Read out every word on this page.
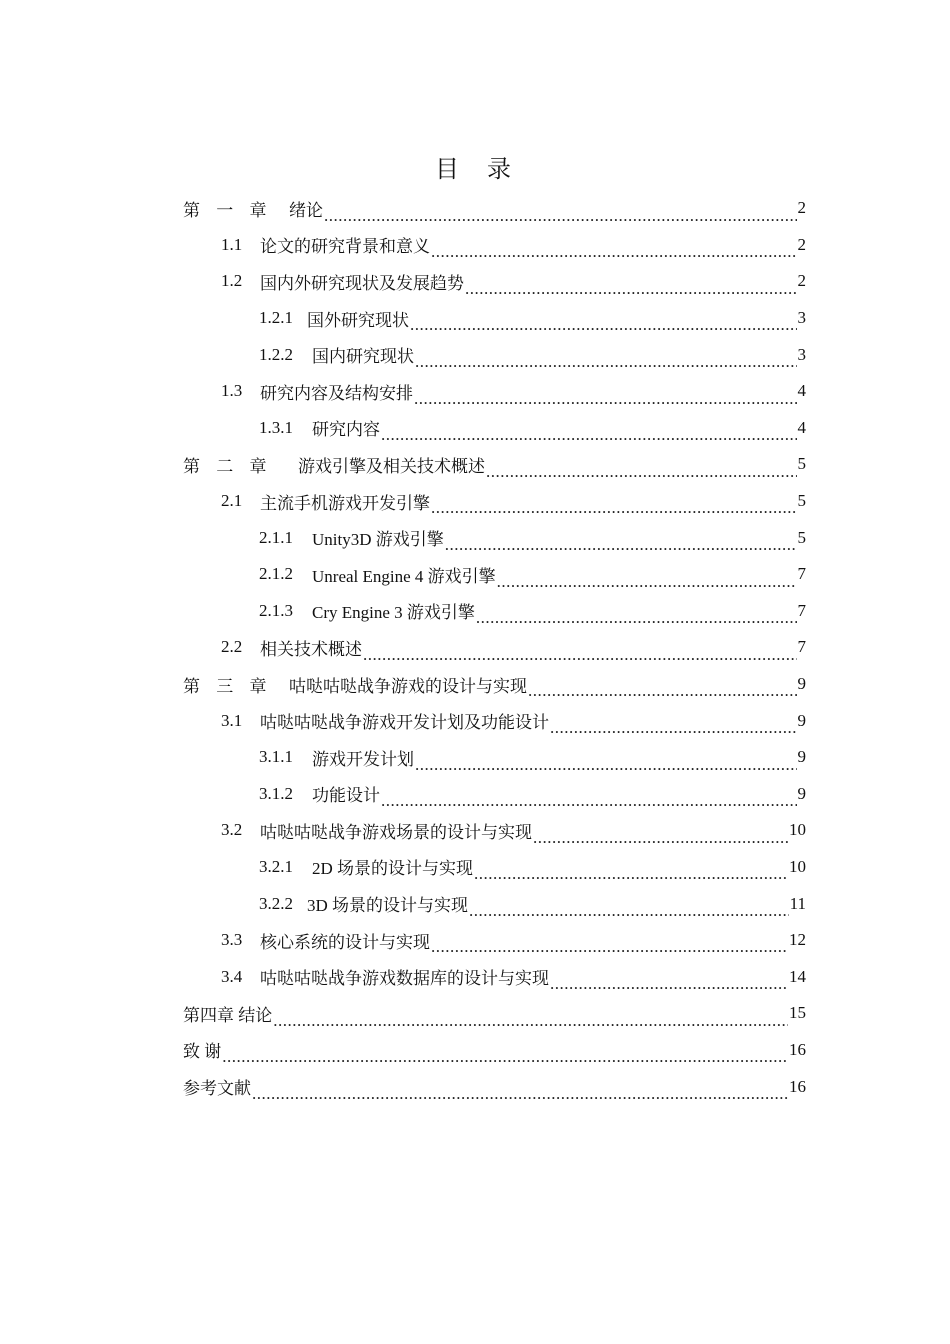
目 录
第 一 章 绪论 .....	2
1.1	论文的研究背景和意义 .....	2
1.2	国内外研究现状及发展趋势 .....	2
1.2.1 国外研究现状 .....	3
1.2.2	国内研究现状 .....	3
1.3	研究内容及结构安排 .....	4
1.3.1	研究内容 .....	4
第 二 章	游戏引擎及相关技术概述 .....	5
2.1	主流手机游戏开发引擎 .....	5
2.1.1	Unity3D 游戏引擎 .....	5
2.1.2	Unreal Engine 4 游戏引擎 .....	7
2.1.3	Cry Engine 3 游戏引擎 .....	7
2.2	相关技术概述 .....	7
第 三 章 咕哒咕哒战争游戏的设计与实现 .....	9
3.1	咕哒咕哒战争游戏开发计划及功能设计 .....	9
3.1.1	游戏开发计划 .....	9
3.1.2	功能设计 .....	9
3.2	咕哒咕哒战争游戏场景的设计与实现 .....	10
3.2.1	2D 场景的设计与实现 .....	10
3.2.2 3D 场景的设计与实现 .....	11
3.3	核心系统的设计与实现 .....	12
3.4	咕哒咕哒战争游戏数据库的设计与实现 .....	14
第四章 结论 .....	15
致 谢 .....	16
参考文献 .....	16
